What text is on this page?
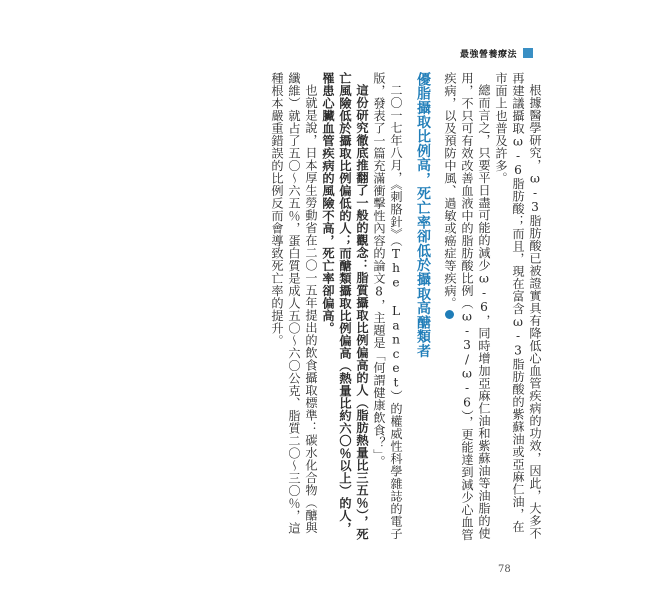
最強營養療法

根據醫學研究，ω-3脂肪酸已被證實具有降低心血管疾病的功效，因此，大多不再建議攝取ω-6脂肪酸；而且，現在富含ω-3脂肪酸的紫蘇油或亞麻仁油，在市面上也普及許多。

總而言之，只要平日盡可能的減少ω-6，同時增加亞麻仁油和紫蘇油等油脂的使用，不只可有效改善血液中的脂肪酸比例（ω-3/ω-6），更能達到減少心血管疾病，以及預防中風、過敏或癌症等疾病。7

優脂攝取比例高，死亡率卻低於攝取高醣類者

二〇一七年八月，《刺胳針》（The Lancet）的權威性科學雜誌的電子版，發表了一篇充滿衝擊性內容的論文8，主題是「何謂健康飲食？」。

這份研究徹底推翻了一般的觀念：脂質攝取比例偏高的人（脂肪熱量比三五％），死亡風險低於攝取比例偏低的人；而醣類攝取比例偏高（熱量比約六〇％以上）的人，罹患心臟血管疾病的風險不高，死亡率卻偏高。

也就是說，日本厚生勞動省在二〇一五年提出的飲食攝取標準：碳水化合物（醣與纖維）就占了五〇～六五％，蛋白質是成人五〇～六〇公克、脂質二〇～三〇％，這種根本嚴重錯誤的比例反而會導致死亡率的提升。

78
